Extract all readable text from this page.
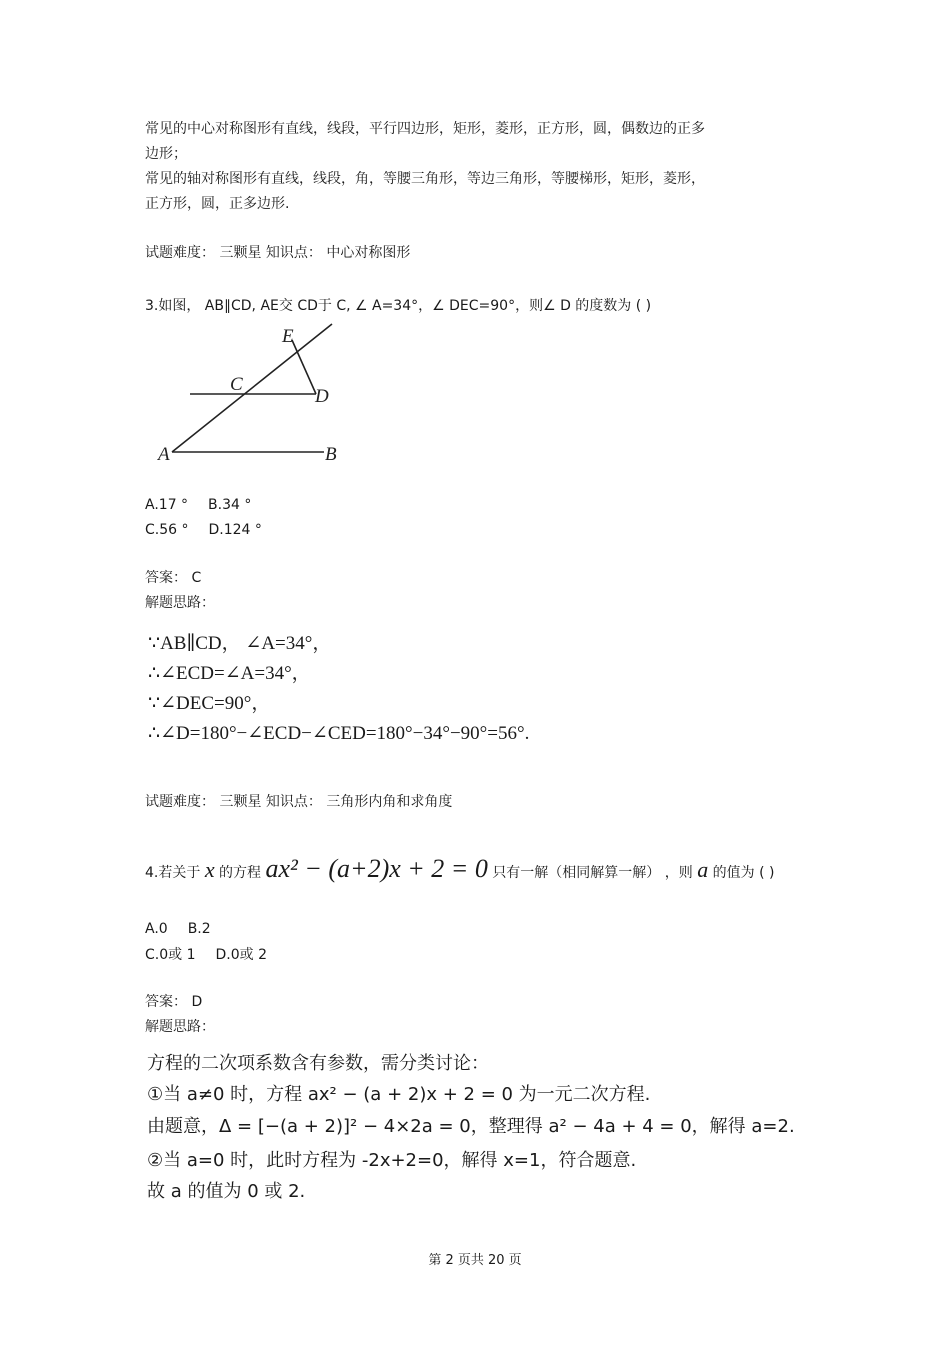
常见的中心对称图形有直线，线段，平行四边形，矩形，菱形，正方形，圆，偶数边的正多
边形；
常见的轴对称图形有直线，线段，角，等腰三角形，等边三角形，等腰梯形，矩形，菱形，
正方形，圆，正多边形.
试题难度： 三颗星 知识点： 中心对称图形
3.如图， AB∥CD, AE交 CD于 C, ∠ A=34°，∠ DEC=90°，则∠ D 的度数为 ( )
E
C
D
A	B
A.17 ° B.34 °
C.56 ° D.124 °
答案： C
解题思路：
∵AB∥CD， ∠A=34°，
∴∠ECD=∠A=34°，
∵∠DEC=90°，
∴∠D=180°−∠ECD−∠CED=180°−34°−90°=56°.
试题难度： 三颗星 知识点： 三角形内角和求角度
4.若关于 x 的方程 ax² − (a+2)x + 2 = 0 只有一解（相同解算一解） ，则 a 的值为 ( )
A.0 B.2
C.0或 1 D.0或 2
答案： D
解题思路：
方程的二次项系数含有参数，需分类讨论：
①当 a≠0 时，方程 ax² − (a + 2)x + 2 = 0 为一元二次方程.
由题意，Δ = [−(a + 2)]² − 4×2a = 0，整理得 a² − 4a + 4 = 0，解得 a=2.
②当 a=0 时，此时方程为 -2x+2=0，解得 x=1，符合题意.
故 a 的值为 0 或 2.
第 2 页共 20 页
